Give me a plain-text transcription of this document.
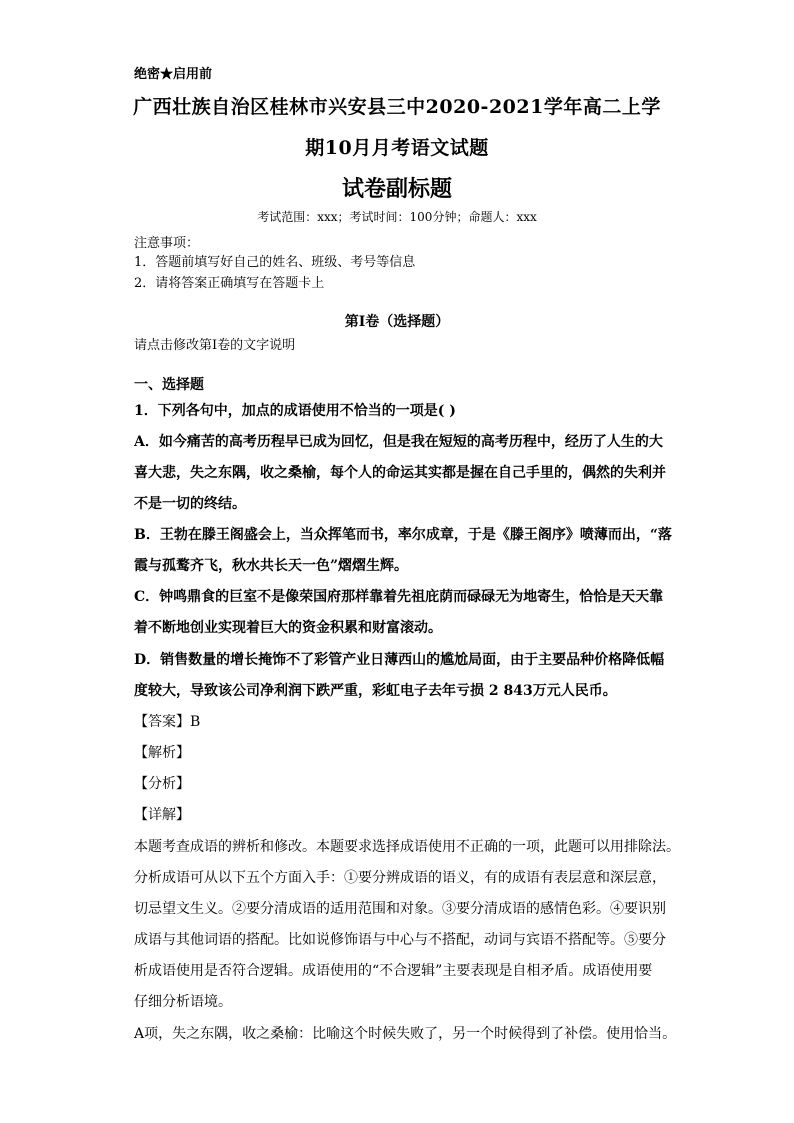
绝密★启用前
广西壮族自治区桂林市兴安县三中2020-2021学年高二上学
期10月月考语文试题
试卷副标题
考试范围：xxx；考试时间：100分钟；命题人：xxx
注意事项：
1．答题前填写好自己的姓名、班级、考号等信息
2．请将答案正确填写在答题卡上
第I卷（选择题）
请点击修改第I卷的文字说明
一、选择题
1．下列各句中，加点的成语使用不恰当的一项是( )
A．如今痛苦的高考历程早已成为回忆，但是我在短短的高考历程中，经历了人生的大
喜大悲，失之东隅，收之桑榆，每个人的命运其实都是握在自己手里的，偶然的失利并
不是一切的终结。
B．王勃在滕王阁盛会上，当众挥笔而书，率尔成章，于是《滕王阁序》喷薄而出，“落
霞与孤鹜齐飞，秋水共长天一色”熠熠生辉。
C．钟鸣鼎食的巨室不是像荣国府那样靠着先祖庇荫而碌碌无为地寄生，恰恰是天天靠
着不断地创业实现着巨大的资金积累和财富滚动。
D．销售数量的增长掩饰不了彩管产业日薄西山的尴尬局面，由于主要品种价格降低幅
度较大，导致该公司净利润下跌严重，彩虹电子去年亏损 2 843万元人民币。
【答案】B
【解析】
【分析】
【详解】
本题考查成语的辨析和修改。本题要求选择成语使用不正确的一项，此题可以用排除法。
分析成语可从以下五个方面入手：①要分辨成语的语义，有的成语有表层意和深层意，
切忌望文生义。②要分清成语的适用范围和对象。③要分清成语的感情色彩。④要识别
成语与其他词语的搭配。比如说修饰语与中心与不搭配，动词与宾语不搭配等。⑤要分
析成语使用是否符合逻辑。成语使用的“不合逻辑”主要表现是自相矛盾。成语使用要
仔细分析语境。
A项，失之东隅，收之桑榆：比喻这个时候失败了，另一个时候得到了补偿。使用恰当。
